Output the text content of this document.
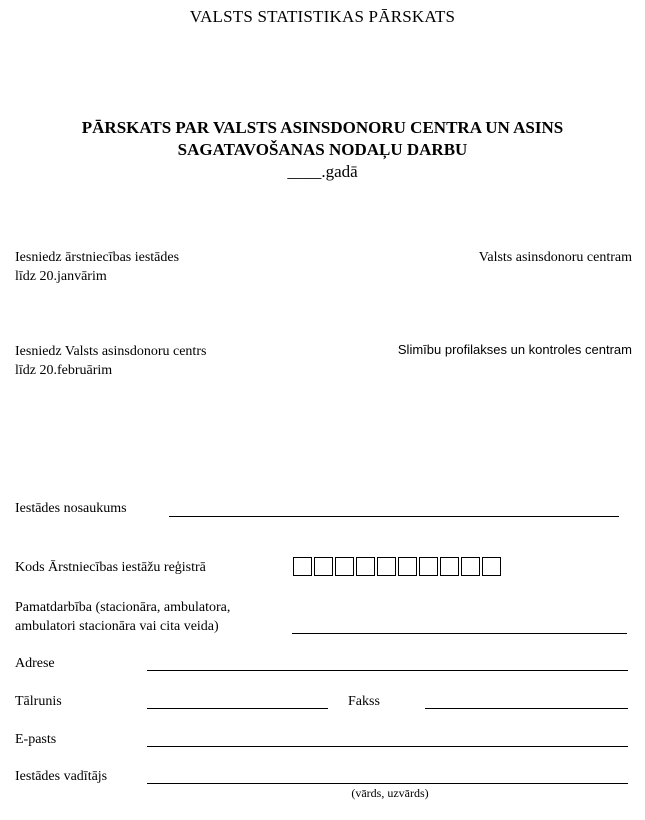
VALSTS STATISTIKAS PĀRSKATS
PĀRSKATS PAR VALSTS ASINSDONORU CENTRA UN ASINS
SAGATAVOŠANAS NODAĻU DARBU
____.gadā
Iesniedz ārstniecības iestādes
līdz 20.janvārim
Valsts asinsdonoru centram
Iesniedz Valsts asinsdonoru centrs
līdz 20.februārim
Slimību profilakses un kontroles centram
Iestādes nosaukums
Kods Ārstniecības iestāžu reģistrā
Pamatdarbība (stacionāra, ambulatora,
ambulatori stacionāra vai cita veida)
Adrese
Tālrunis	Fakss
E-pasts
Iestādes vadītājs
(vārds, uzvārds)
